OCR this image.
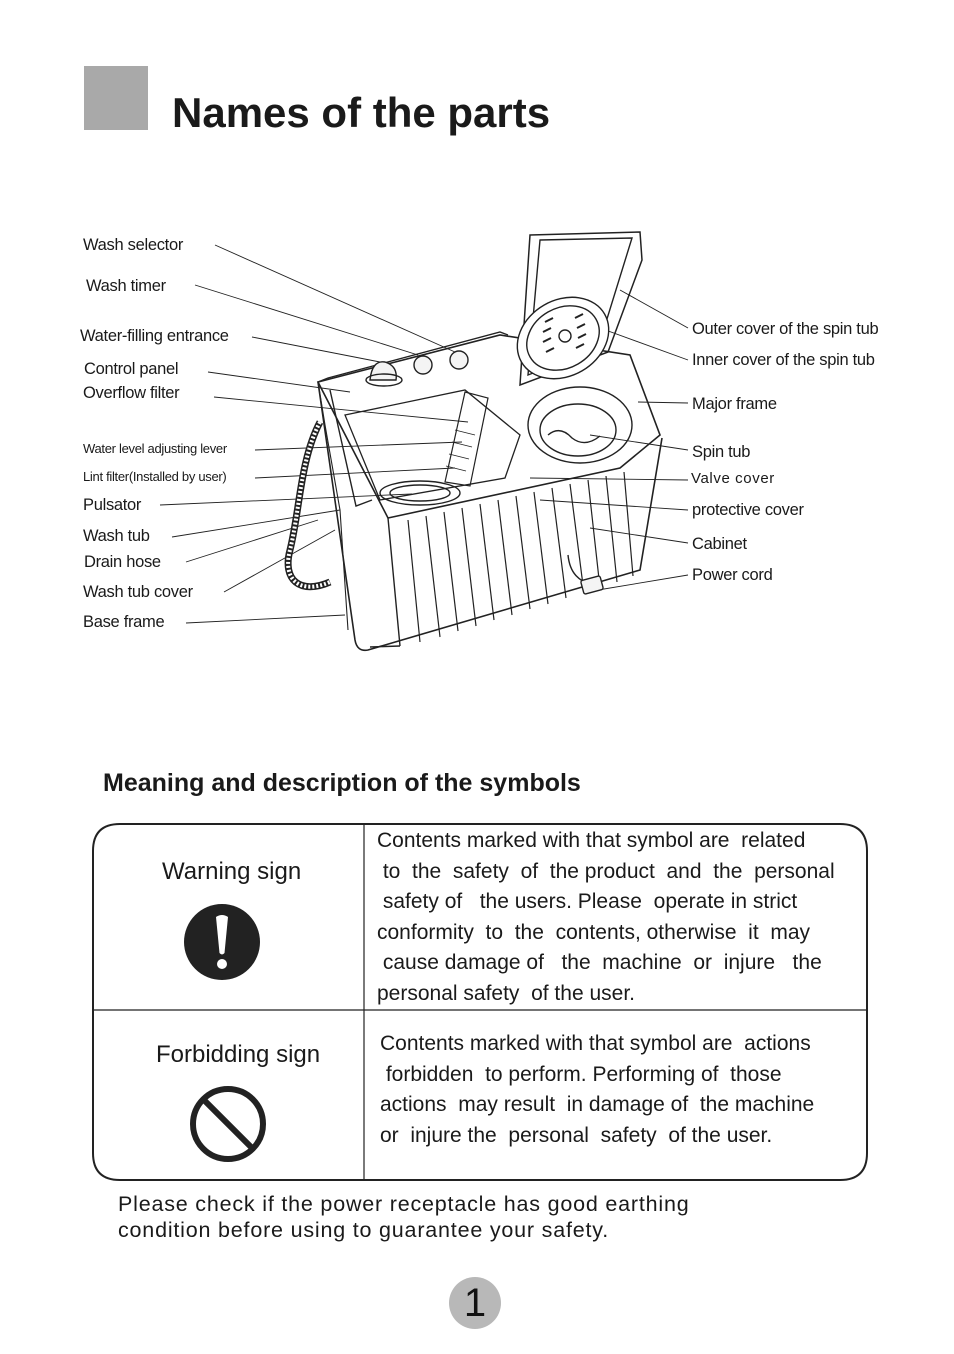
Names of the parts
Wash selector
Wash timer
Water-filling entrance
Control panel
Overflow filter
Water level adjusting lever
Lint filter(Installed by user)
Pulsator
Wash tub
Drain hose
Wash tub cover
Base frame
Outer cover of the spin tub
Inner cover of the spin tub
Major frame
Spin tub
Valve cover
protective cover
Cabinet
Power cord
Meaning and description of the symbols
Warning sign
Contents marked with that symbol are  related
to  the  safety  of  the product  and  the  personal
safety of   the users. Please  operate in strict
conformity  to  the  contents, otherwise  it  may
cause damage of   the  machine  or  injure   the
personal safety  of the user.
Forbidding sign	Contents marked with that symbol are  actions
forbidden  to perform. Performing of  those
actions  may result  in damage of  the machine
or  injure the  personal  safety  of the user.
Please check if the power receptacle has good earthing
condition before using to guarantee your safety.
1
